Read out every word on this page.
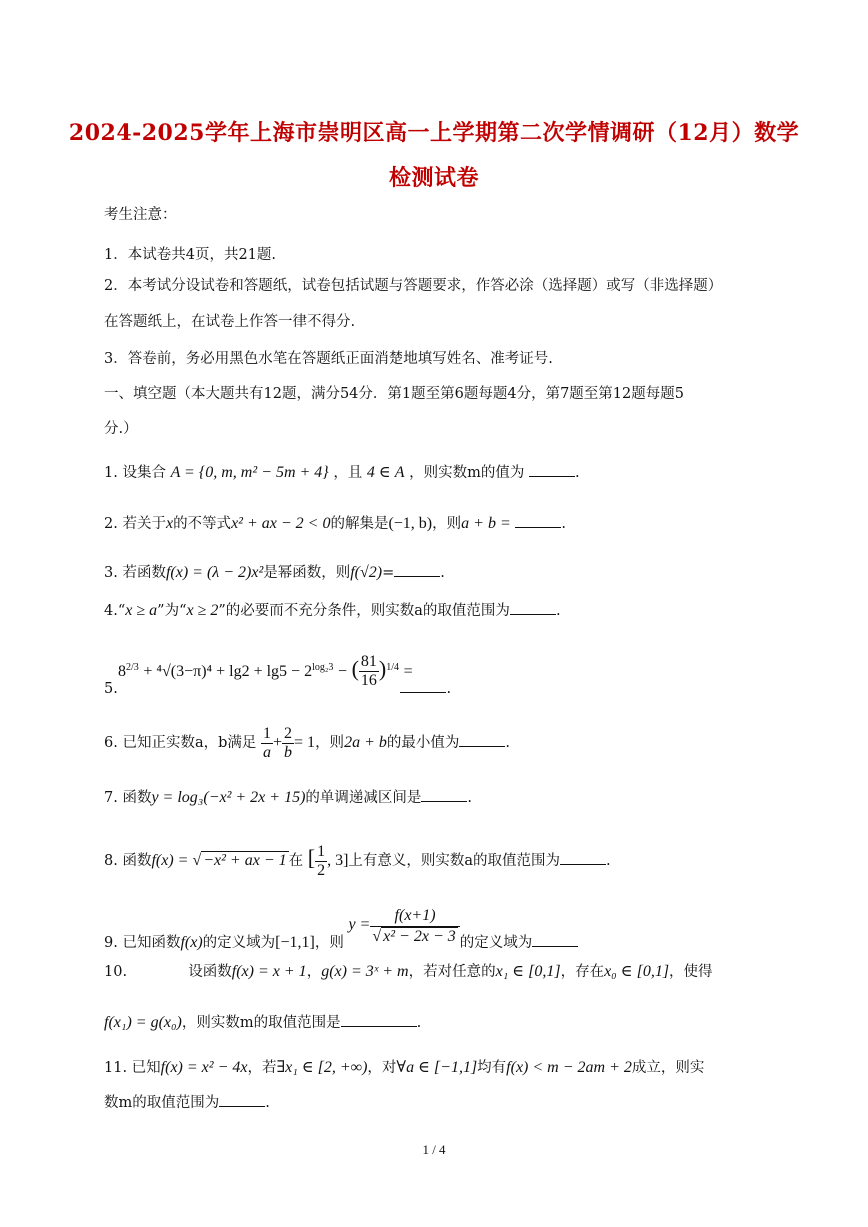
2024-2025学年上海市崇明区高一上学期第二次学情调研（12月）数学
检测试卷
考生注意：
1．本试卷共4页，共21题.
2．本考试分设试卷和答题纸，试卷包括试题与答题要求，作答必涂（选择题）或写（非选择题）
在答题纸上，在试卷上作答一律不得分.
3．答卷前，务必用黑色水笔在答题纸正面消楚地填写姓名、准考证号.
一、填空题（本大题共有12题，满分54分．第1题至第6题每题4分，第7题至第12题每题5
分.）
1. 设集合 A = {0, m, m² − 5m + 4} ，且 4 ∈ A ，则实数m的值为	.
2. 若关于x的不等式x² + ax − 2 < 0的解集是(−1, b)，则a + b =	.
3. 若函数f(x) = (λ − 2)x²是幂函数，则f(√2)=	.
4.“x ≥ a”为“x ≥ 2”的必要而不充分条件，则实数a的取值范围为	.
$8^{2/3} + ^4√(3-\pi)^4 + \lg 2 + \lg 5 - 2^{log_23}$ − ( $\frac{81}{16} )^{1/4}$ =
5.	.
6. 已知正实数a，b满足 $\frac{1}{a} + \frac{2}{b} = 1$，则2a + b的最小值为	.
7. 函数y = log₃(−x² + 2x + 15)的单调递减区间是	.
8. 函数f(x) = √ −x² + ax − 1 在 [ $\frac{1}{2}$ , 3]上有意义，则实数a的取值范围为	.
9. 已知函数f(x)的定义域为[−1,1]，则 $y = \frac{f(x+1)}{\text{√ x² − 2x − 3}}$ 的定义域为
10.	设函数f(x) = x + 1，g(x) = 3ˣ + m，若对任意的x₁ ∈ [0,1]，存在x₀ ∈ [0,1]，使得
f(x₁) = g(x₀)，则实数m的取值范围是	.
11. 已知f(x) = x² − 4x，若∃x₁ ∈ [2, +∞)，对∀a ∈ [−1,1]均有f(x) < m − 2am + 2成立，则实
数m的取值范围为	.
1 / 4
